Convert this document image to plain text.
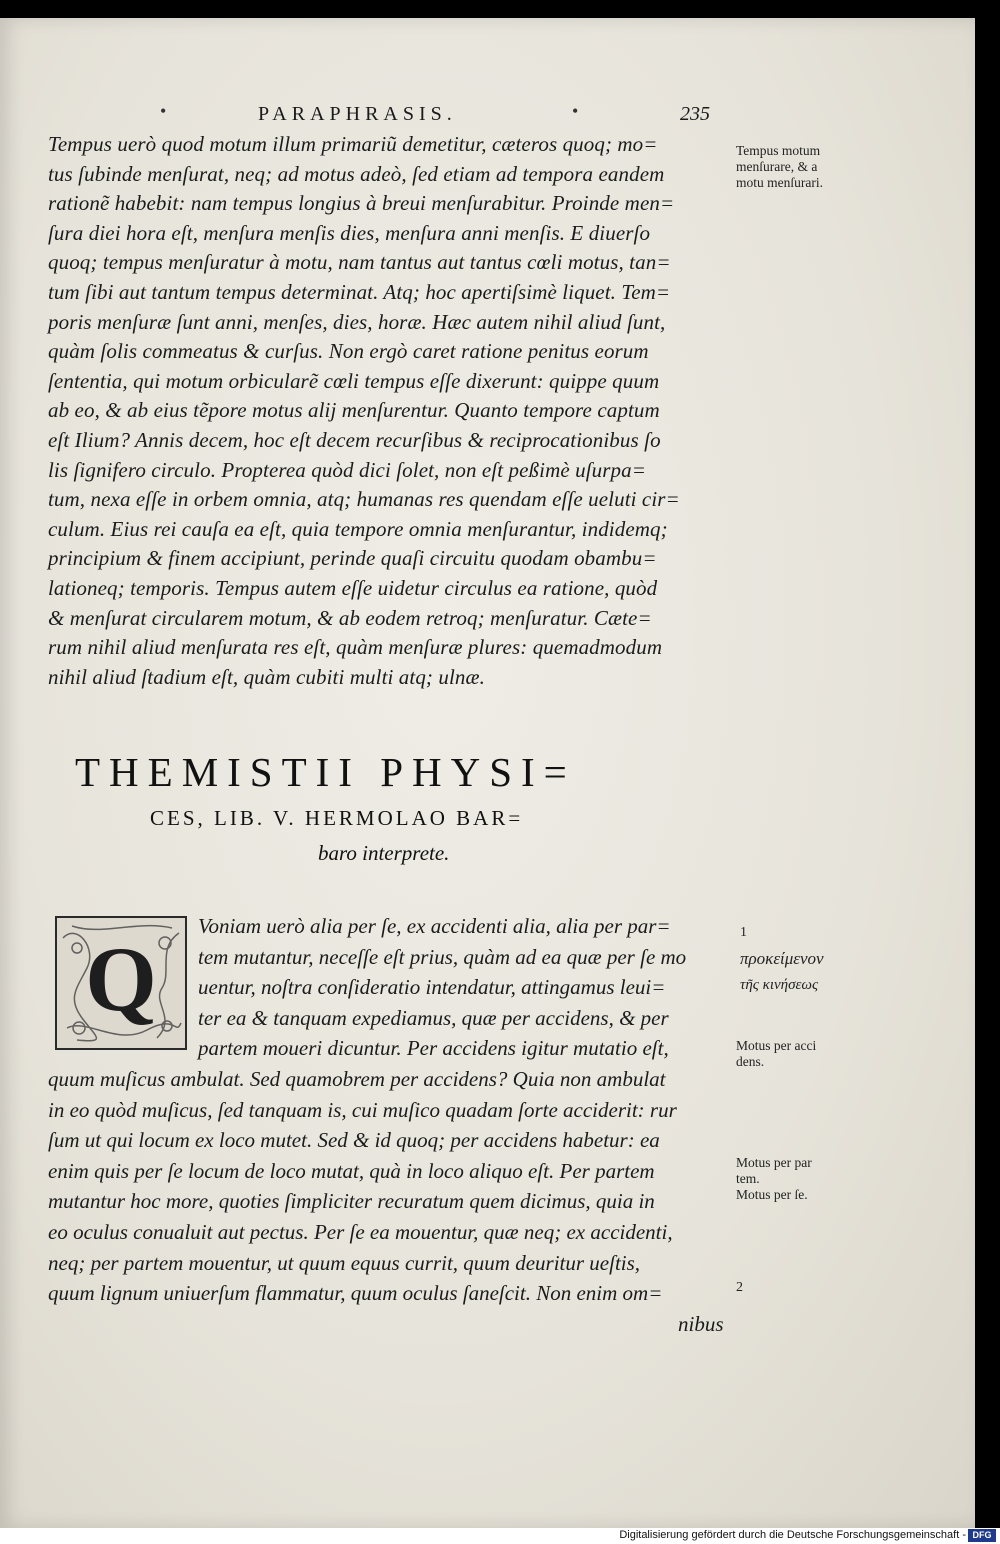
•	PARAPHRASIS.	•	235
Tempus uerò quod motum illum primariũ demetitur, cæteros quoq; mo=
tus ſubinde menſurat, neq; ad motus adeò, ſed etiam ad tempora eandem
rationẽ habebit: nam tempus longius à breui menſurabitur. Proinde men=
ſura diei hora eſt, menſura menſis dies, menſura anni menſis. E diuerſo
quoq; tempus menſuratur à motu, nam tantus aut tantus cœli motus, tan=
tum ſibi aut tantum tempus determinat. Atq; hoc apertiſsimè liquet. Tem=
poris menſuræ ſunt anni, menſes, dies, horæ. Hæc autem nihil aliud ſunt,
quàm ſolis commeatus & curſus. Non ergò caret ratione penitus eorum
ſententia, qui motum orbicularẽ cœli tempus eſſe dixerunt: quippe quum
ab eo, & ab eius tẽpore motus alij menſurentur. Quanto tempore captum
eſt Ilium? Annis decem, hoc eſt decem recurſibus & reciprocationibus ſo
lis ſignifero circulo. Propterea quòd dici ſolet, non eſt peßimè uſurpa=
tum, nexa eſſe in orbem omnia, atq; humanas res quendam eſſe ueluti cir=
culum. Eius rei cauſa ea eſt, quia tempore omnia menſurantur, indidemq;
principium & finem accipiunt, perinde quaſi circuitu quodam obambu=
lationeq; temporis. Tempus autem eſſe uidetur circulus ea ratione, quòd
& menſurat circularem motum, & ab eodem retroq; menſuratur. Cæte=
rum nihil aliud menſurata res eſt, quàm menſuræ plures: quemadmodum
nihil aliud ſtadium eſt, quàm cubiti multi atq; ulnæ.
Tempus motum
menſurare, & a
motu menſurari.
THEMISTII PHYSI=
CES, LIB. V. HERMOLAO BAR=
baro interprete.
Q
Voniam uerò alia per ſe, ex accidenti alia, alia per par=
tem mutantur, neceſſe eſt prius, quàm ad ea quæ per ſe mo
uentur, noſtra conſideratio intendatur, attingamus leui=
ter ea & tanquam expediamus, quæ per accidens, & per
partem moueri dicuntur. Per accidens igitur mutatio eſt,
quum muſicus ambulat. Sed quamobrem per accidens? Quia non ambulat
in eo quòd muſicus, ſed tanquam is, cui muſico quadam ſorte acciderit: rur
ſum ut qui locum ex loco mutet. Sed & id quoq; per accidens habetur: ea
enim quis per ſe locum de loco mutat, quà in loco aliquo eſt. Per partem
mutantur hoc more, quoties ſimpliciter recuratum quem dicimus, quia in
eo oculus conualuit aut pectus. Per ſe ea mouentur, quæ neq; ex accidenti,
neq; per partem mouentur, ut quum equus currit, quum deuritur ueſtis,
quum lignum uniuerſum flammatur, quum oculus ſaneſcit. Non enim om=
nibus
1
προκείμενον
τῆς κινήσεως
Motus per acci
dens.
Motus per par
tem.
Motus per ſe.
2
Digitalisierung gefördert durch die Deutsche Forschungsgemeinschaft - DFG
